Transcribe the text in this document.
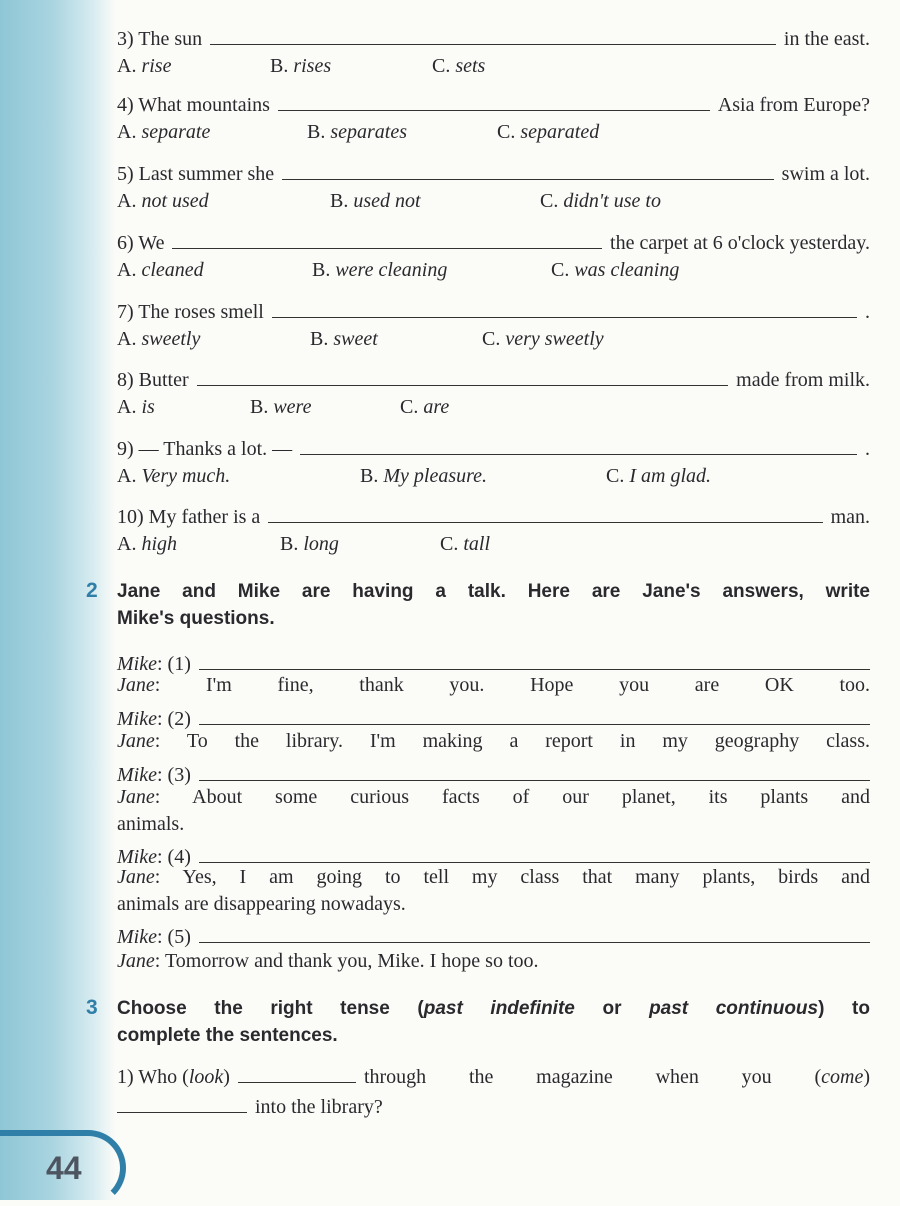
44
3) The sun	in the east.
A. rise	B. rises	C. sets
4) What mountains	Asia from Europe?
A. separate	B. separates	C. separated
5) Last summer she	swim a lot.
A. not used	B. used not	C. didn't use to
6) We	the carpet at 6 o'clock yesterday.
A. cleaned	B. were cleaning	C. was cleaning
7) The roses smell	.
A. sweetly	B. sweet	C. very sweetly
8) Butter	made from milk.
A. is	B. were	C. are
9) — Thanks a lot. —	.
A. Very much.	B. My pleasure.	C. I am glad.
10) My father is a	man.
A. high	B. long	C. tall
2 Jane and Mike are having a talk. Here are Jane's answers, write
Mike's questions.
Mike: (1)
Jane: I'm fine, thank you. Hope you are OK too.
Mike: (2)
Jane: To the library. I'm making a report in my geography class.
Mike: (3)
Jane: About some curious facts of our planet, its plants and
animals.
Mike: (4)
Jane: Yes, I am going to tell my class that many plants, birds and
animals are disappearing nowadays.
Mike: (5)
Jane: Tomorrow and thank you, Mike. I hope so too.
3 Choose the right tense (past indefinite or past continuous) to
complete the sentences.
1) Who (look)	through the magazine when you (come)
into the library?
